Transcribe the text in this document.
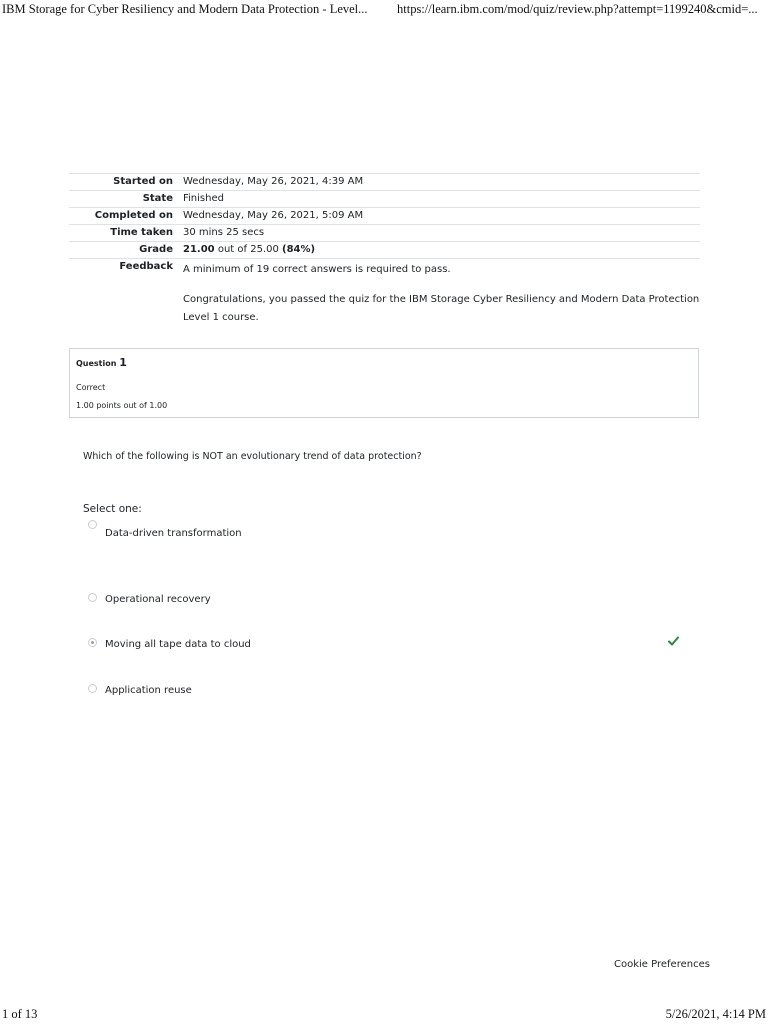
IBM Storage for Cyber Resiliency and Modern Data Protection - Level... https://learn.ibm.com/mod/quiz/review.php?attempt=1199240&cmid=...
Started on	Wednesday, May 26, 2021, 4:39 AM
State	Finished
Completed on	Wednesday, May 26, 2021, 5:09 AM
Time taken	30 mins 25 secs
Grade	21.00 out of 25.00 (84%)
Feedback	A minimum of 19 correct answers is required to pass.

Congratulations, you passed the quiz for the IBM Storage Cyber Resiliency and Modern Data Protection Level 1 course.

Question 1
Correct
1.00 points out of 1.00
Which of the following is NOT an evolutionary trend of data protection?
Select one:
Data-driven transformation
Operational recovery
Moving all tape data to cloud
Application reuse
Cookie Preferences
1 of 13	5/26/2021, 4:14 PM
